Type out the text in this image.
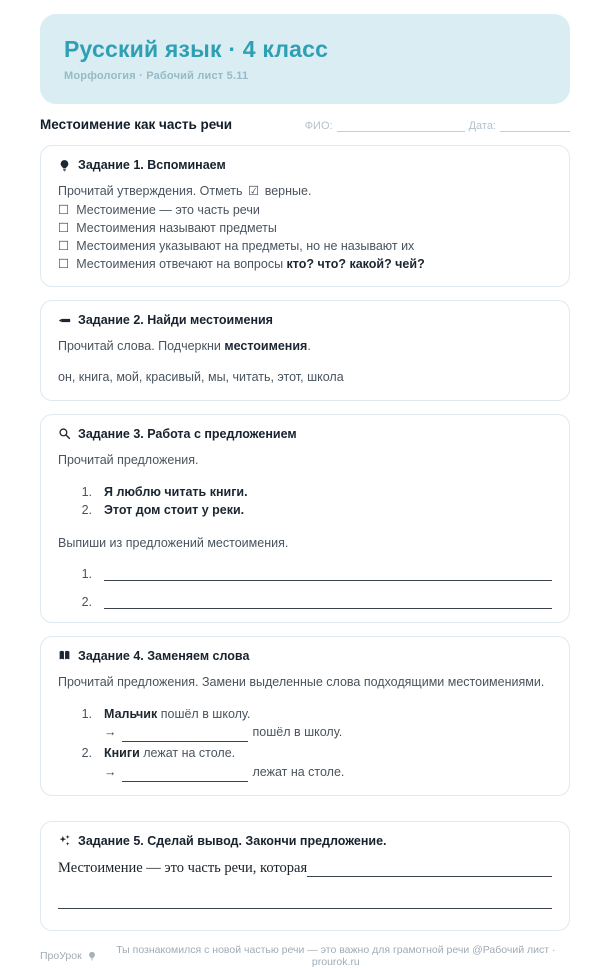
Русский язык · 4 класс
Морфология · Рабочий лист 5.11
Местоимение как часть речи	ФИО:	Дата:
Задание 1. Вспоминаем

Прочитай утверждения. Отметь ☑ верные.

☐ Местоимение — это часть речи
☐ Местоимения называют предметы
☐ Местоимения указывают на предметы, но не называют их
☐ Местоимения отвечают на вопросы кто? что? какой? чей?
Задание 2. Найди местоимения

Прочитай слова. Подчеркни местоимения.

он, книга, мой, красивый, мы, читать, этот, школа

Задание 3. Работа с предложением

Прочитай предложения.

1. Я люблю читать книги.
2. Этот дом стоит у реки.

Выпиши из предложений местоимения.

1.
2.
Задание 4. Заменяем слова

Прочитай предложения. Замени выделенные слова подходящими местоимениями.

1. Мальчик пошёл в школу.
→	пошёл в школу.
2. Книги лежат на столе.
→	лежат на столе.
Задание 5. Сделай вывод. Закончи предложение.
Местоимение — это часть речи, которая
ПроУрок	Ты познакомился с новой частью речи — это важно для грамотной речи @Рабочий лист · prourok.ru
